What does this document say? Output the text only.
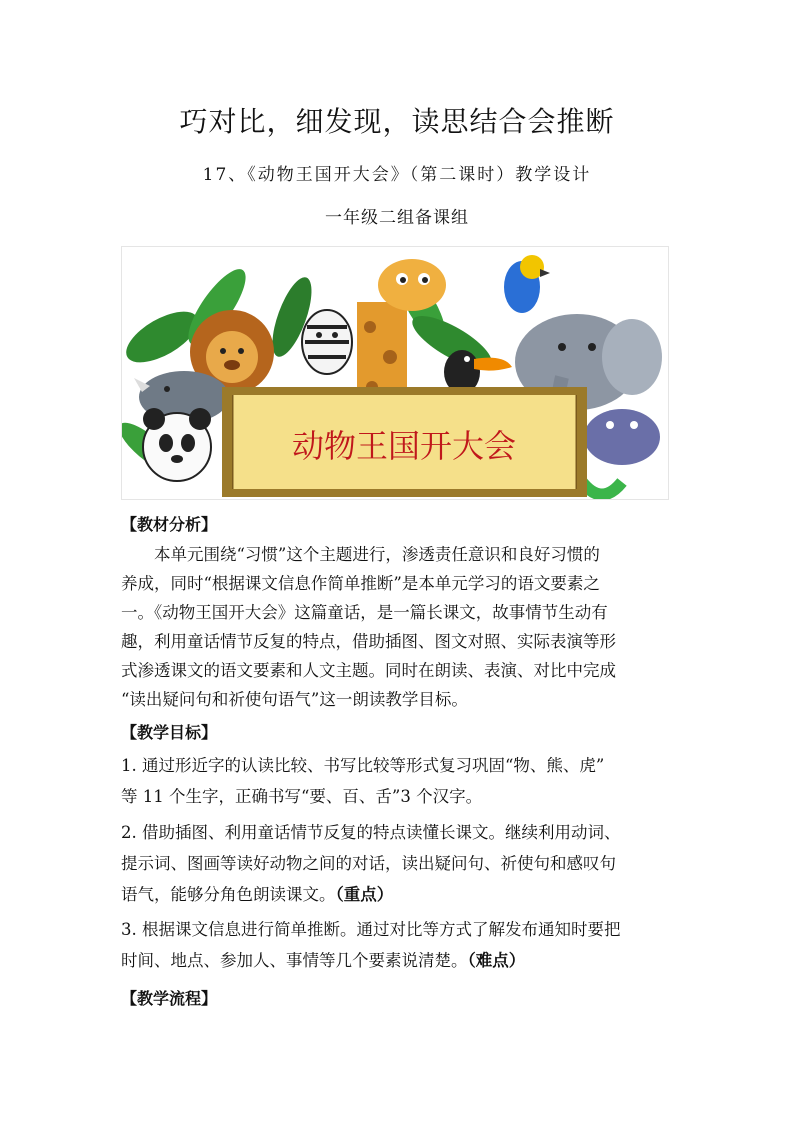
巧对比，细发现，读思结合会推断
17、《动物王国开大会》（第二课时）教学设计
一年级二组备课组
动物王国开大会
【教材分析】
本单元围绕“习惯”这个主题进行，渗透责任意识和良好习惯的
养成，同时“根据课文信息作简单推断”是本单元学习的语文要素之
一。《动物王国开大会》这篇童话，是一篇长课文，故事情节生动有
趣，利用童话情节反复的特点，借助插图、图文对照、实际表演等形
式渗透课文的语文要素和人文主题。同时在朗读、表演、对比中完成
“读出疑问句和祈使句语气”这一朗读教学目标。
【教学目标】
1. 通过形近字的认读比较、书写比较等形式复习巩固“物、熊、虎”
等 11 个生字，正确书写“要、百、舌”3 个汉字。
2. 借助插图、利用童话情节反复的特点读懂长课文。继续利用动词、
提示词、图画等读好动物之间的对话，读出疑问句、祈使句和感叹句
语气，能够分角色朗读课文。（重点）
3. 根据课文信息进行简单推断。通过对比等方式了解发布通知时要把
时间、地点、参加人、事情等几个要素说清楚。（难点）
【教学流程】
